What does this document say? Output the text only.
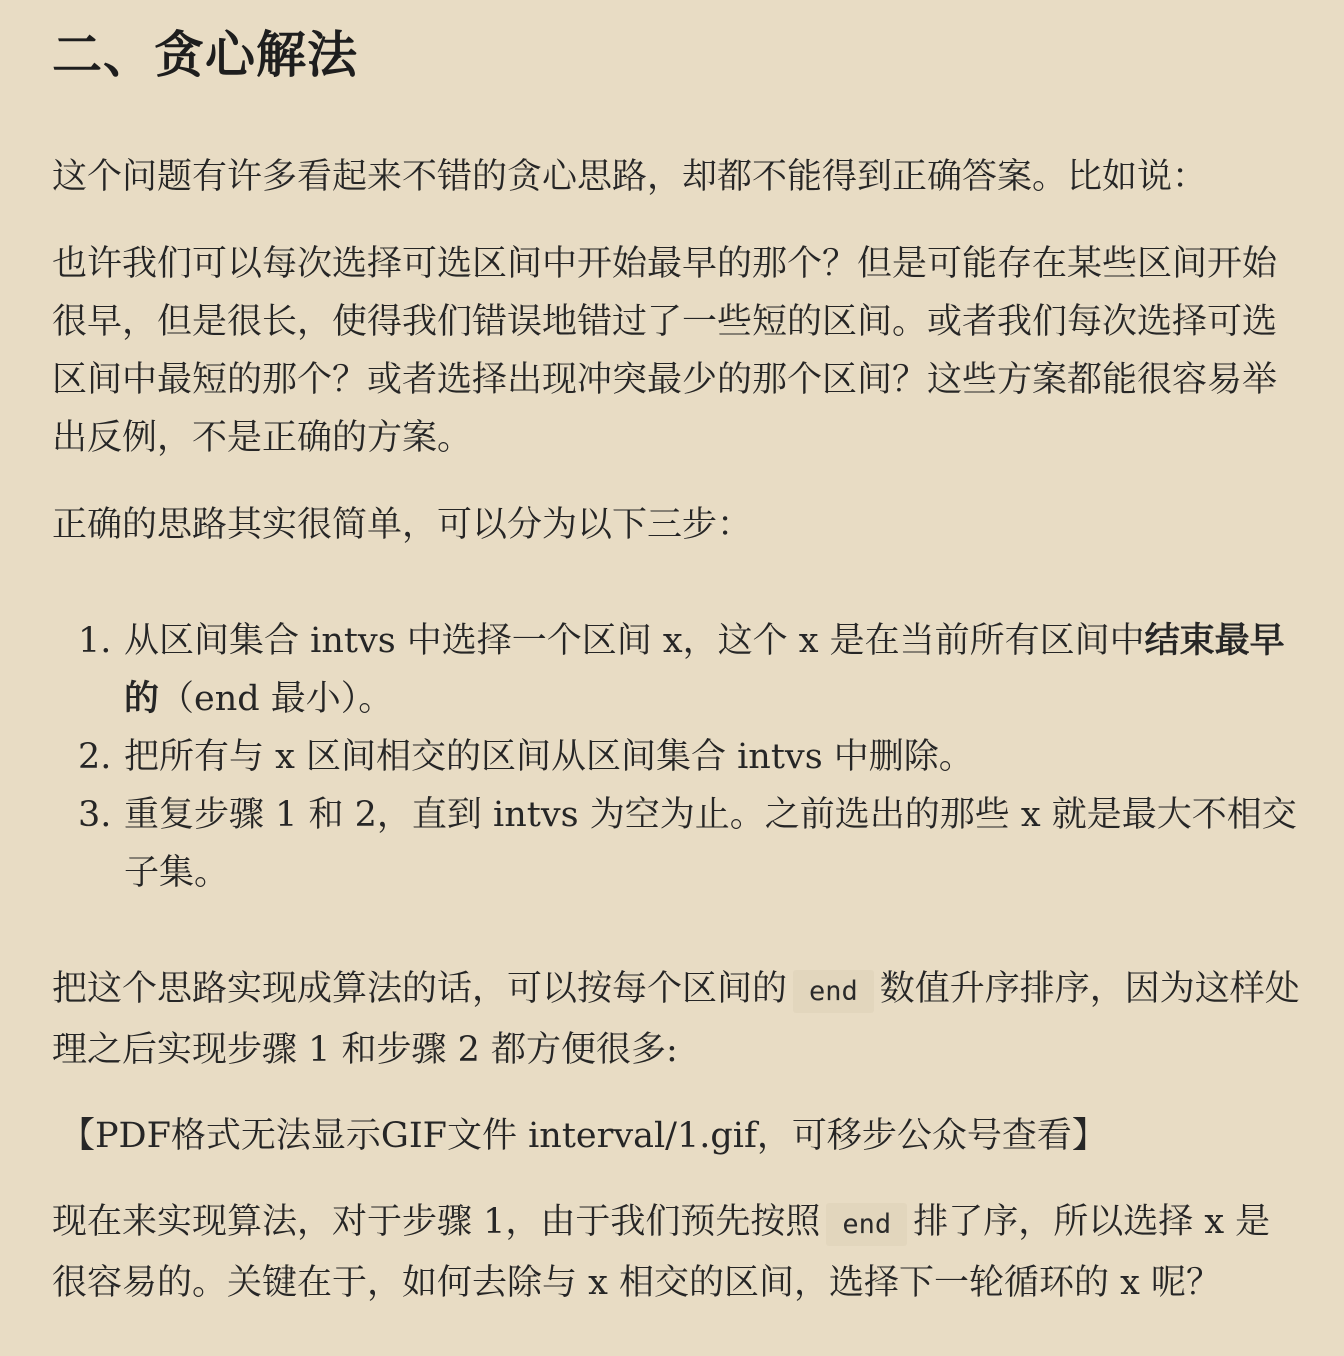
二、贪心解法

这个问题有许多看起来不错的贪心思路，却都不能得到正确答案。比如说：

也许我们可以每次选择可选区间中开始最早的那个？但是可能存在某些区间开始很早，但是很长，使得我们错误地错过了一些短的区间。或者我们每次选择可选区间中最短的那个？或者选择出现冲突最少的那个区间？这些方案都能很容易举出反例，不是正确的方案。

正确的思路其实很简单，可以分为以下三步：

1. 从区间集合 intvs 中选择一个区间 x，这个 x 是在当前所有区间中结束最早的（end 最小）。
2. 把所有与 x 区间相交的区间从区间集合 intvs 中删除。
3. 重复步骤 1 和 2，直到 intvs 为空为止。之前选出的那些 x 就是最大不相交子集。

把这个思路实现成算法的话，可以按每个区间的 end 数值升序排序，因为这样处理之后实现步骤 1 和步骤 2 都方便很多:

【PDF格式无法显示GIF文件 interval/1.gif，可移步公众号查看】

现在来实现算法，对于步骤 1，由于我们预先按照 end 排了序，所以选择 x 是很容易的。关键在于，如何去除与 x 相交的区间，选择下一轮循环的 x 呢？
